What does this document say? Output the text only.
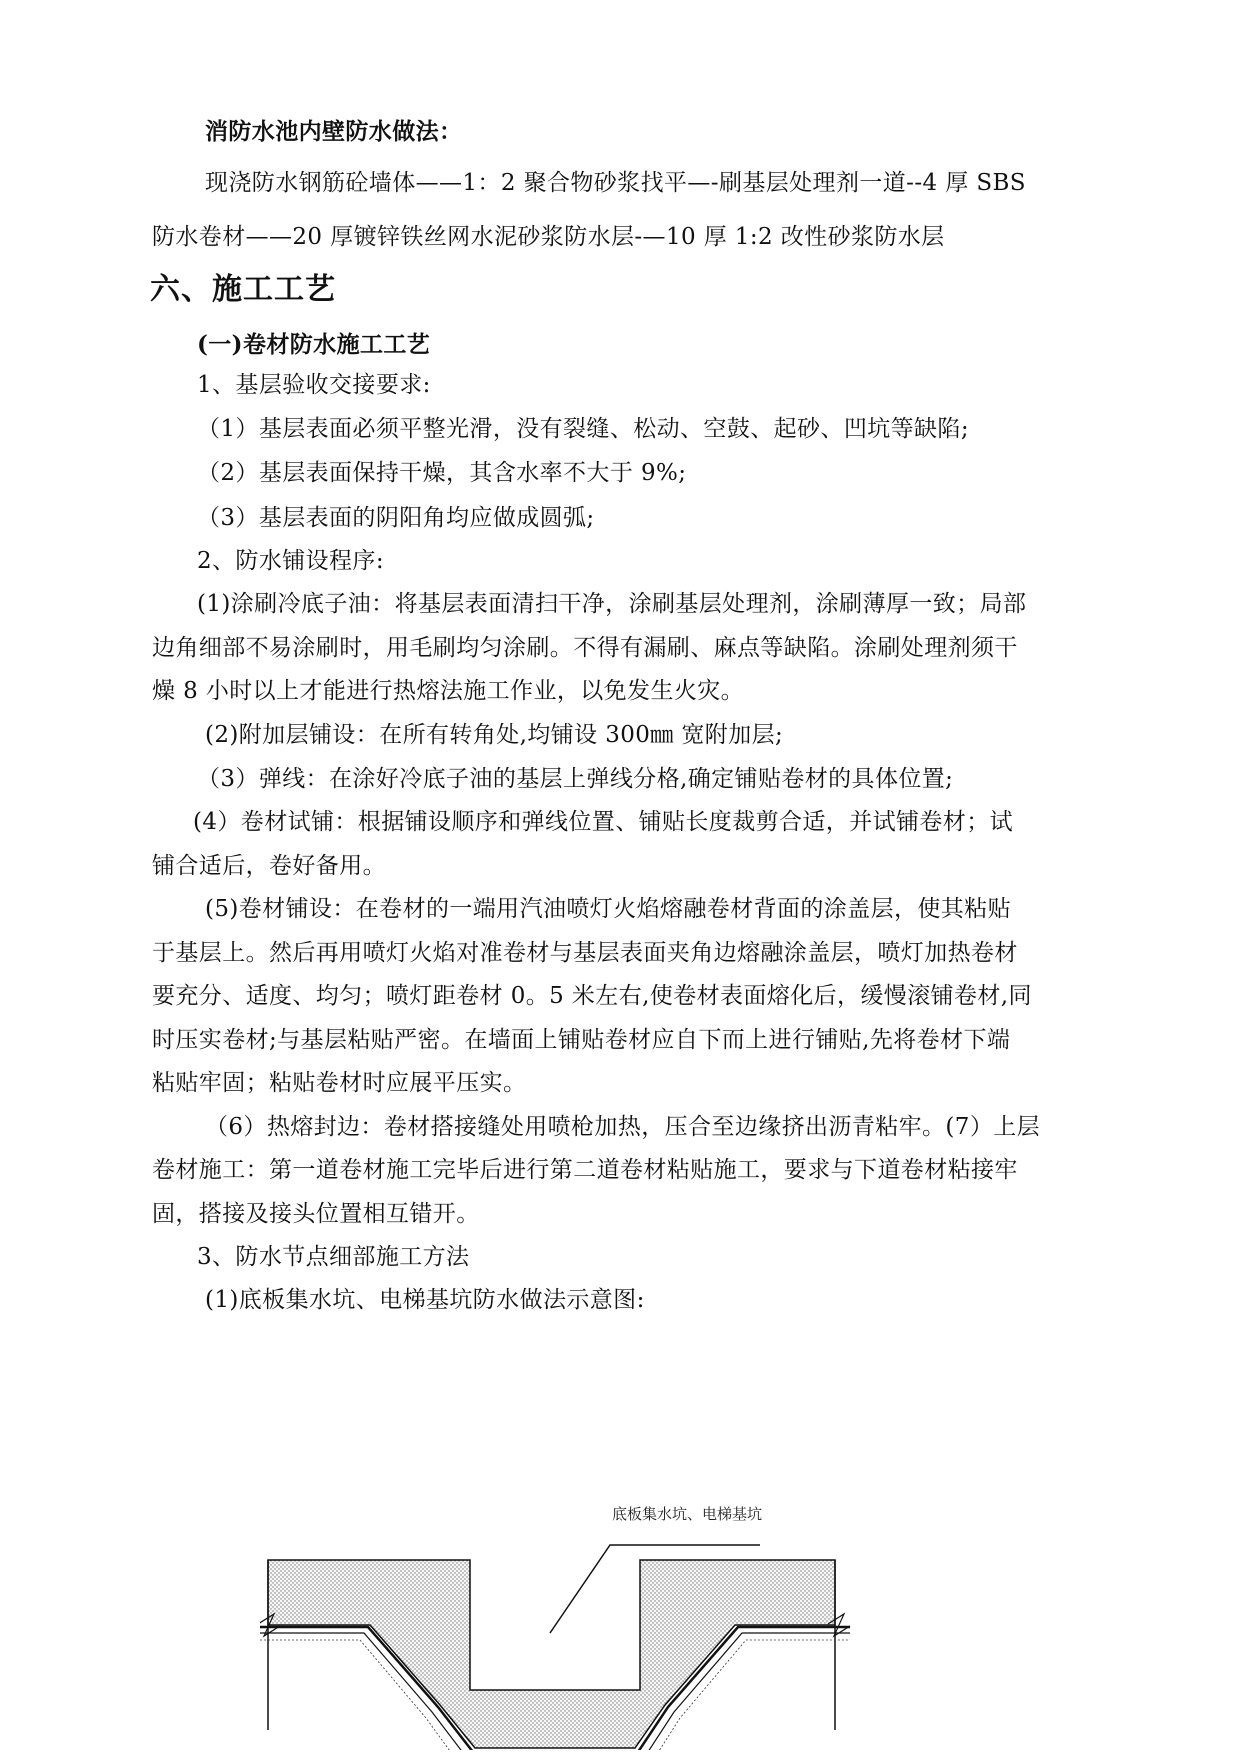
消防水池内壁防水做法：
现浇防水钢筋砼墙体——1：2 聚合物砂浆找平—-刷基层处理剂一道--4 厚 SBS
防水卷材——20 厚镀锌铁丝网水泥砂浆防水层-—10 厚 1:2 改性砂浆防水层
六、施工工艺
(一)卷材防水施工工艺
1、基层验收交接要求:
（1）基层表面必须平整光滑，没有裂缝、松动、空鼓、起砂、凹坑等缺陷;
（2）基层表面保持干燥，其含水率不大于 9%;
（3）基层表面的阴阳角均应做成圆弧;
2、防水铺设程序:
(1)涂刷冷底子油：将基层表面清扫干净，涂刷基层处理剂，涂刷薄厚一致；局部
边角细部不易涂刷时，用毛刷均匀涂刷。不得有漏刷、麻点等缺陷。涂刷处理剂须干
燥 8 小时以上才能进行热熔法施工作业，以免发生火灾。
(2)附加层铺设：在所有转角处,均铺设 300㎜ 宽附加层;
（3）弹线：在涂好冷底子油的基层上弹线分格,确定铺贴卷材的具体位置;
(4）卷材试铺：根据铺设顺序和弹线位置、铺贴长度裁剪合适，并试铺卷材；试
铺合适后，卷好备用。
(5)卷材铺设：在卷材的一端用汽油喷灯火焰熔融卷材背面的涂盖层，使其粘贴
于基层上。然后再用喷灯火焰对准卷材与基层表面夹角边熔融涂盖层，喷灯加热卷材
要充分、适度、均匀；喷灯距卷材 0。5 米左右,使卷材表面熔化后，缓慢滚铺卷材,同
时压实卷材;与基层粘贴严密。在墙面上铺贴卷材应自下而上进行铺贴,先将卷材下端
粘贴牢固；粘贴卷材时应展平压实。
（6）热熔封边：卷材搭接缝处用喷枪加热，压合至边缘挤出沥青粘牢。(7）上层
卷材施工：第一道卷材施工完毕后进行第二道卷材粘贴施工，要求与下道卷材粘接牢
固，搭接及接头位置相互错开。
3、防水节点细部施工方法
(1)底板集水坑、电梯基坑防水做法示意图:
底板集水坑、电梯基坑
